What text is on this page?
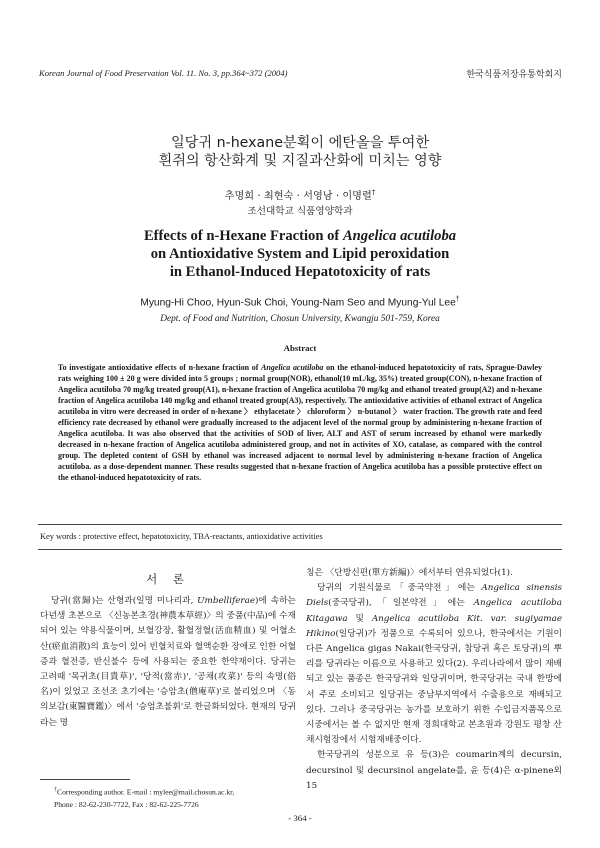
Korean Journal of Food Preservation Vol. 11. No. 3, pp.364~372 (2004)	한국식품저장유통학회지
일당귀 n-hexane분획이 에탄올을 투여한
흰쥐의 항산화계 및 지질과산화에 미치는 영향
추명희 · 최현숙 · 서영남 · 이명렬†
조선대학교 식품영양학과
Effects of n-Hexane Fraction of Angelica acutiloba
on Antioxidative System and Lipid peroxidation
in Ethanol-Induced Hepatotoxicity of rats
Myung-Hi Choo, Hyun-Suk Choi, Young-Nam Seo and Myung-Yul Lee†
Dept. of Food and Nutrition, Chosun University, Kwangju 501-759, Korea
Abstract
To investigate antioxidative effects of n-hexane fraction of Angelica acutiloba on the ethanol-induced hepatotoxicity of rats, Sprague-Dawley rats weighing 100 ± 20 g were divided into 5 groups ; normal group(NOR), ethanol(10 mL/kg, 35%) treated group(CON), n-hexane fraction of Angelica acutiloba 70 mg/kg treated group(A1), n-hexane fraction of Angelica acutiloba 70 mg/kg and ethanol treated group(A2) and n-hexane fraction of Angelica acutiloba 140 mg/kg and ethanol treated group(A3), respectively. The antioxidative activities of ethanol extract of Angelica acutiloba in vitro were decreased in order of n-hexane 〉 ethylacetate 〉 chloroform 〉 n-butanol 〉 water fraction. The growth rate and feed efficiency rate decreased by ethanol were gradually increased to the adjacent level of the normal group by administering n-hexane fraction of Angelica acutiloba. It was also observed that the activities of SOD of liver, ALT and AST of serum increased by ethanol were markedly decreased in n-hexane fraction of Angelica acutiloba administered group, and not in activites of XO, catalase, as compared with the control group. The depleted content of GSH by ethanol was increased adjacent to normal level by administering n-hexane fraction of Angelica acutiloba. as a dose-dependent manner. These results suggested that n-hexane fraction of Angelica acutiloba has a possible protective effect on the ethanol-induced hepatotoxicity of rats.
Key words : protective effect, hepatotoxicity, TBA-reactants, antioxidative activities
서 론

당귀(當歸)는 산형과(일명 미나리과, Umbelliferae)에 속하는 다년생 초본으로 〈신농본초경(神農本草經)〉의 중품(中品)에 수재되어 있는 약용식물이며, 보혈강장, 활혈정혈(活血精血) 및 어혈소산(瘀血消散)의 효능이 있어 빈혈치료와 혈액순환 장애로 인한 어혈증과 혈전증, 반신불수 등에 사용되는 중요한 한약재이다. 당귀는 고려때 '목귀초(目貴草)', '당적(當赤)', '공채(攻菜)' 등의 속명(俗名)이 있었고 조선조 초기에는 '승암초(僧庵草)'로 불리었으며 〈동의보감(東醫寶鑑)〉에서 '승엄초불휘'로 한글화되었다. 현재의 당귀라는 명

칭은 〈단방신편(單方新編)〉에서부터 연유되었다(1).

당귀의 기원식물로「중국약전」에는 Angelica sinensis Diels(중국당귀),「일본약전」에는 Angelica acutiloba Kitagawa 및 Angelica acutiloba Kit. var. sugiyamae Hikino(일당귀)가 정품으로 수록되어 있으나, 한국에서는 기원이 다른 Angelica gigas Nakai(한국당귀, 참당귀 혹은 토당귀)의 뿌리를 당귀라는 이름으로 사용하고 있다(2). 우리나라에서 많이 재배되고 있는 품종은 한국당귀와 일당귀이며, 한국당귀는 국내 한방에서 주로 소비되고 일당귀는 중남부지역에서 수출용으로 재배되고 있다. 그러나 중국당귀는 농가를 보호하기 위한 수입금지품목으로 시중에서는 볼 수 없지만 현재 경희대학교 본초원과 강원도 평창 산채시험장에서 시험재배중이다.

한국당귀의 성분으로 유 등(3)은 coumarin계의 decursin, decursinol 및 decursinol angelate를, 윤 등(4)은 α-pinene외 15

†Corresponding author. E-mail : mylee@mail.chosun.ac.kr,
Phone : 82-62-230-7722, Fax : 82-62-225-7726
- 364 -
